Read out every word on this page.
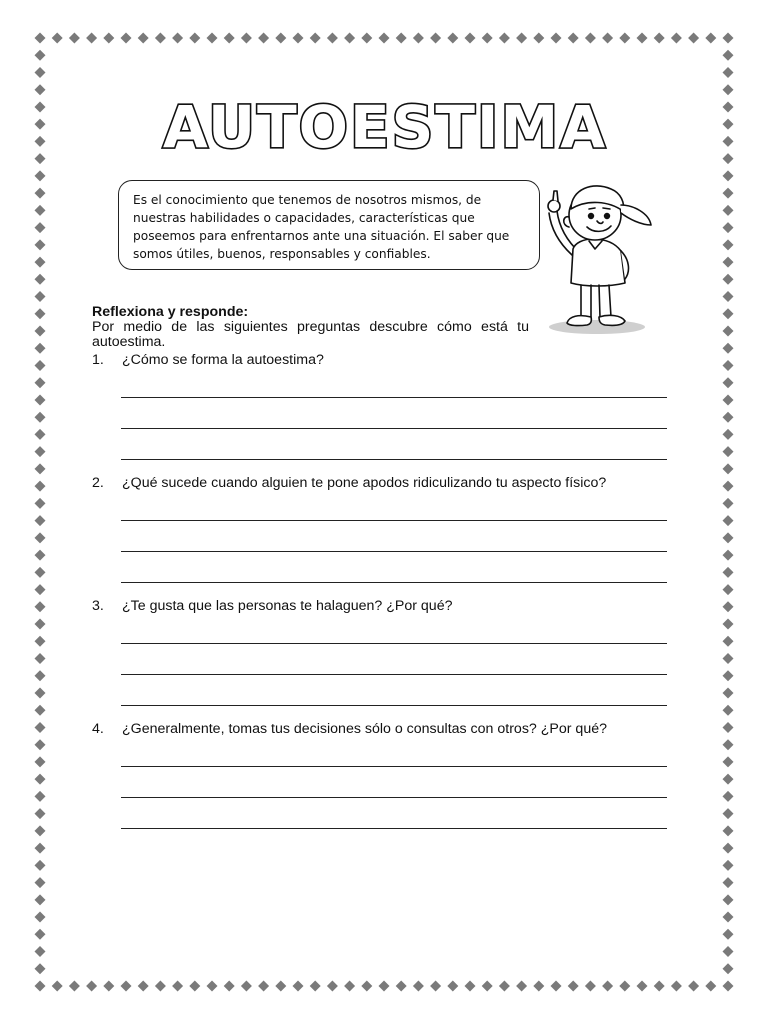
AUTOESTIMA
Es el conocimiento que tenemos de nosotros mismos, de nuestras habilidades o capacidades, características que poseemos para enfrentarnos ante una situación. El saber que somos útiles, buenos, responsables y confiables.
Reflexiona y responde:
Por medio de las siguientes preguntas descubre cómo está tu autoestima.
1. ¿Cómo se forma la autoestima?
2. ¿Qué sucede cuando alguien te pone apodos ridiculizando tu aspecto físico?
3. ¿Te gusta que las personas te halaguen? ¿Por qué?
4. ¿Generalmente, tomas tus decisiones sólo o consultas con otros? ¿Por qué?
